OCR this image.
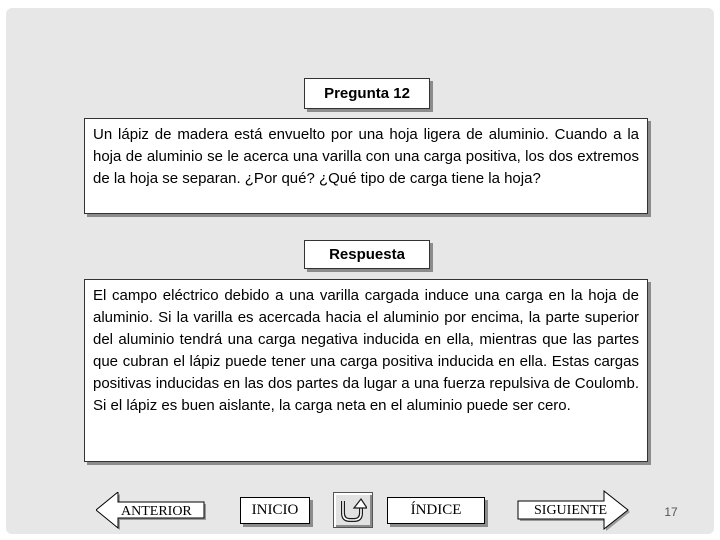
Pregunta 12
Un lápiz de madera está envuelto por una hoja ligera de aluminio. Cuando a la hoja de aluminio se le acerca una varilla con una carga positiva, los dos extremos de la hoja se separan. ¿Por qué? ¿Qué tipo de carga tiene la hoja?
Respuesta
El campo eléctrico debido a una varilla cargada induce una carga en la hoja de aluminio. Si la varilla es acercada hacia el aluminio por encima, la parte superior del aluminio tendrá una carga negativa inducida en ella, mientras que las partes que cubran el lápiz puede tener una carga positiva inducida en ella. Estas cargas positivas inducidas en las dos partes da lugar a una fuerza repulsiva de Coulomb. Si el lápiz es buen aislante, la carga neta en el aluminio puede ser cero.
ANTERIOR	INICIO	ÍNDICE	SIGUIENTE	17
